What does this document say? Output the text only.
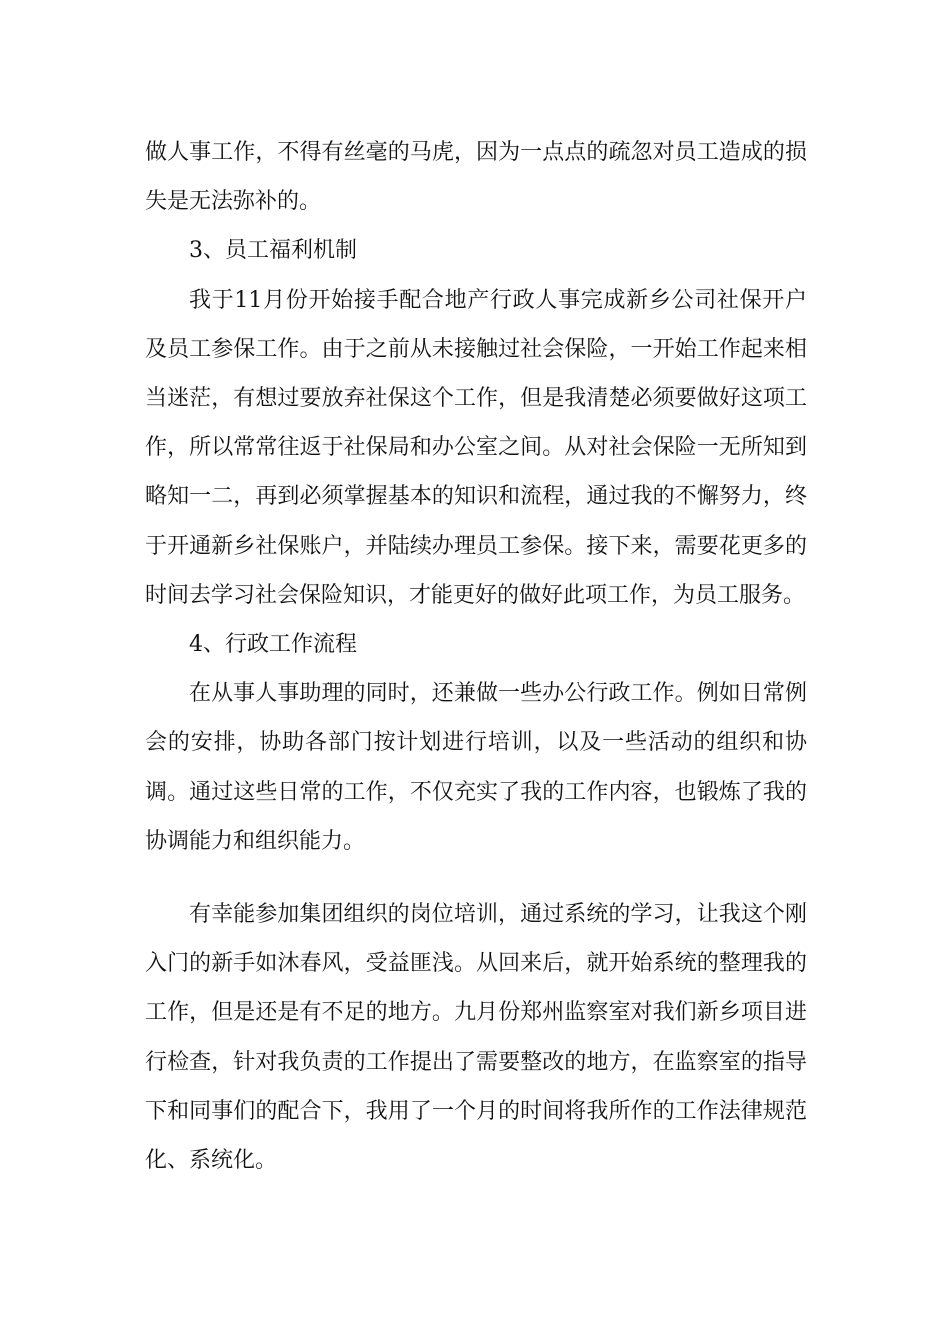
做人事工作，不得有丝毫的马虎，因为一点点的疏忽对员工造成的损失是无法弥补的。

3、员工福利机制

我于11月份开始接手配合地产行政人事完成新乡公司社保开户及员工参保工作。由于之前从未接触过社会保险，一开始工作起来相当迷茫，有想过要放弃社保这个工作，但是我清楚必须要做好这项工作，所以常常往返于社保局和办公室之间。从对社会保险一无所知到略知一二，再到必须掌握基本的知识和流程，通过我的不懈努力，终于开通新乡社保账户，并陆续办理员工参保。接下来，需要花更多的时间去学习社会保险知识，才能更好的做好此项工作，为员工服务。

4、行政工作流程

在从事人事助理的同时，还兼做一些办公行政工作。例如日常例会的安排，协助各部门按计划进行培训，以及一些活动的组织和协调。通过这些日常的工作，不仅充实了我的工作内容，也锻炼了我的协调能力和组织能力。

有幸能参加集团组织的岗位培训，通过系统的学习，让我这个刚入门的新手如沐春风，受益匪浅。从回来后，就开始系统的整理我的工作，但是还是有不足的地方。九月份郑州监察室对我们新乡项目进行检查，针对我负责的工作提出了需要整改的地方，在监察室的指导下和同事们的配合下，我用了一个月的时间将我所作的工作法律规范化、系统化。
